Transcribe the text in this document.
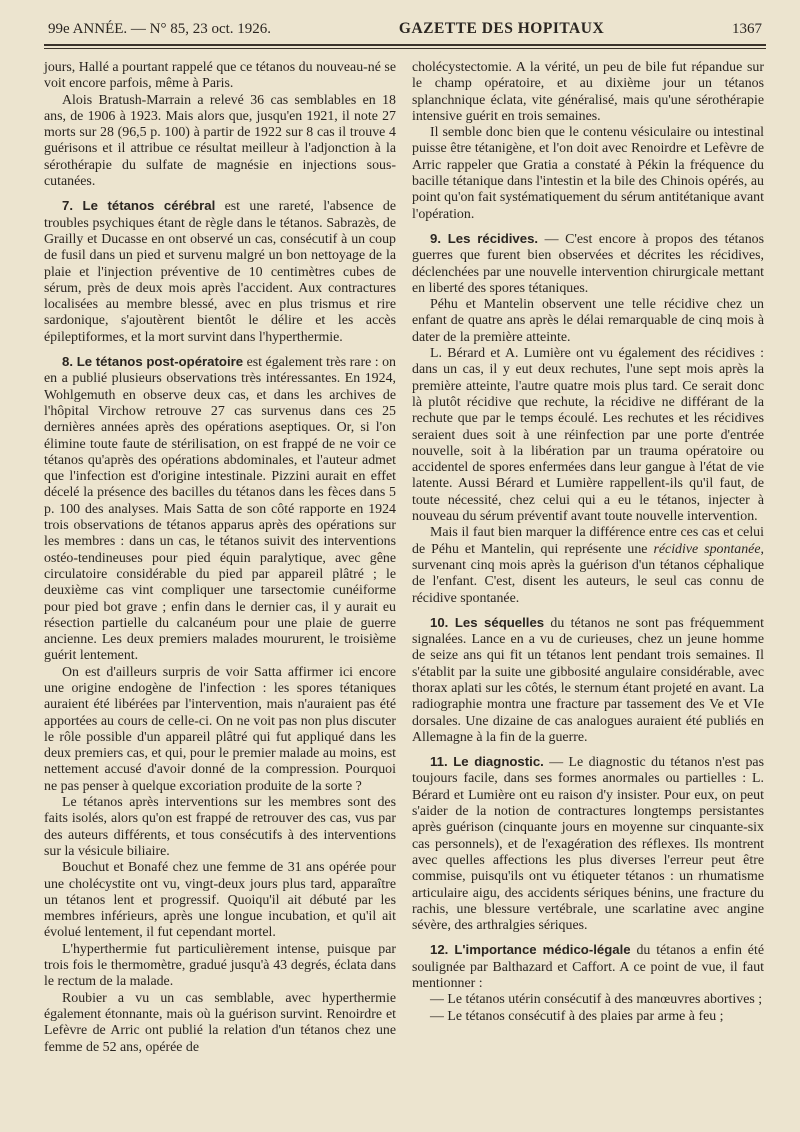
99e ANNÉE. — N° 85, 23 oct. 1926.	GAZETTE DES HOPITAUX	1367

jours, Hallé a pourtant rappelé que ce tétanos du nouveau-né se voit encore parfois, même à Paris.

Alois Bratush-Marrain a relevé 36 cas semblables en 18 ans, de 1906 à 1923. Mais alors que, jusqu'en 1921, il note 27 morts sur 28 (96,5 p. 100) à partir de 1922 sur 8 cas il trouve 4 guérisons et il attribue ce résultat meilleur à l'adjonction à la sérothérapie du sulfate de magnésie en injections sous-cutanées.

7. Le tétanos cérébral est une rareté, l'absence de troubles psychiques étant de règle dans le tétanos. Sabrazès, de Grailly et Ducasse en ont observé un cas, consécutif à un coup de fusil dans un pied et survenu malgré un bon nettoyage de la plaie et l'injection préventive de 10 centimètres cubes de sérum, près de deux mois après l'accident. Aux contractures localisées au membre blessé, avec en plus trismus et rire sardonique, s'ajoutèrent bientôt le délire et les accès épileptiformes, et la mort survint dans l'hyperthermie.

8. Le tétanos post-opératoire est également très rare : on en a publié plusieurs observations très intéressantes. En 1924, Wohlgemuth en observe deux cas, et dans les archives de l'hôpital Virchow retrouve 27 cas survenus dans ces 25 dernières années après des opérations aseptiques. Or, si l'on élimine toute faute de stérilisation, on est frappé de ne voir ce tétanos qu'après des opérations abdominales, et l'auteur admet que l'infection est d'origine intestinale. Pizzini aurait en effet décelé la présence des bacilles du tétanos dans les fèces dans 5 p. 100 des analyses. Mais Satta de son côté rapporte en 1924 trois observations de tétanos apparus après des opérations sur les membres : dans un cas, le tétanos suivit des interventions ostéo-tendineuses pour pied équin paralytique, avec gêne circulatoire considérable du pied par appareil plâtré ; le deuxième cas vint compliquer une tarsectomie cunéiforme pour pied bot grave ; enfin dans le dernier cas, il y aurait eu résection partielle du calcanéum pour une plaie de guerre ancienne. Les deux premiers malades moururent, le troisième guérit lentement.

On est d'ailleurs surpris de voir Satta affirmer ici encore une origine endogène de l'infection : les spores tétaniques auraient été libérées par l'intervention, mais n'auraient pas été apportées au cours de celle-ci. On ne voit pas non plus discuter le rôle possible d'un appareil plâtré qui fut appliqué dans les deux premiers cas, et qui, pour le premier malade au moins, est nettement accusé d'avoir donné de la compression. Pourquoi ne pas penser à quelque excoriation produite de la sorte ?

Le tétanos après interventions sur les membres sont des faits isolés, alors qu'on est frappé de retrouver des cas, vus par des auteurs différents, et tous consécutifs à des interventions sur la vésicule biliaire.

Bouchut et Bonafé chez une femme de 31 ans opérée pour une cholécystite ont vu, vingt-deux jours plus tard, apparaître un tétanos lent et progressif. Quoiqu'il ait débuté par les membres inférieurs, après une longue incubation, et qu'il ait évolué lentement, il fut cependant mortel.

L'hyperthermie fut particulièrement intense, puisque par trois fois le thermomètre, gradué jusqu'à 43 degrés, éclata dans le rectum de la malade.

Roubier a vu un cas semblable, avec hyperthermie également étonnante, mais où la guérison survint. Renoirdre et Lefèvre de Arric ont publié la relation d'un tétanos chez une femme de 52 ans, opérée de

cholécystectomie. A la vérité, un peu de bile fut répandue sur le champ opératoire, et au dixième jour un tétanos splanchnique éclata, vite généralisé, mais qu'une sérothérapie intensive guérit en trois semaines.

Il semble donc bien que le contenu vésiculaire ou intestinal puisse être tétanigène, et l'on doit avec Renoirdre et Lefèvre de Arric rappeler que Gratia a constaté à Pékin la fréquence du bacille tétanique dans l'intestin et la bile des Chinois opérés, au point qu'on fait systématiquement du sérum antitétanique avant l'opération.

9. Les récidives. — C'est encore à propos des tétanos guerres que furent bien observées et décrites les récidives, déclenchées par une nouvelle intervention chirurgicale mettant en liberté des spores tétaniques.

Péhu et Mantelin observent une telle récidive chez un enfant de quatre ans après le délai remarquable de cinq mois à dater de la première atteinte.

L. Bérard et A. Lumière ont vu également des récidives : dans un cas, il y eut deux rechutes, l'une sept mois après la première atteinte, l'autre quatre mois plus tard. Ce serait donc là plutôt récidive que rechute, la récidive ne différant de la rechute que par le temps écoulé. Les rechutes et les récidives seraient dues soit à une réinfection par une porte d'entrée nouvelle, soit à la libération par un trauma opératoire ou accidentel de spores enfermées dans leur gangue à l'état de vie latente. Aussi Bérard et Lumière rappellent-ils qu'il faut, de toute nécessité, chez celui qui a eu le tétanos, injecter à nouveau du sérum préventif avant toute nouvelle intervention.

Mais il faut bien marquer la différence entre ces cas et celui de Péhu et Mantelin, qui représente une récidive spontanée, survenant cinq mois après la guérison d'un tétanos céphalique de l'enfant. C'est, disent les auteurs, le seul cas connu de récidive spontanée.

10. Les séquelles du tétanos ne sont pas fréquemment signalées. Lance en a vu de curieuses, chez un jeune homme de seize ans qui fit un tétanos lent pendant trois semaines. Il s'établit par la suite une gibbosité angulaire considérable, avec thorax aplati sur les côtés, le sternum étant projeté en avant. La radiographie montra une fracture par tassement des Ve et VIe dorsales. Une dizaine de cas analogues auraient été publiés en Allemagne à la fin de la guerre.

11. Le diagnostic. — Le diagnostic du tétanos n'est pas toujours facile, dans ses formes anormales ou partielles : L. Bérard et Lumière ont eu raison d'y insister. Pour eux, on peut s'aider de la notion de contractures longtemps persistantes après guérison (cinquante jours en moyenne sur cinquante-six cas personnels), et de l'exagération des réflexes. Ils montrent avec quelles affections les plus diverses l'erreur peut être commise, puisqu'ils ont vu étiqueter tétanos : un rhumatisme articulaire aigu, des accidents sériques bénins, une fracture du rachis, une blessure vertébrale, une scarlatine avec angine sévère, des arthralgies sériques.

12. L'importance médico-légale du tétanos a enfin été soulignée par Balthazard et Caffort. A ce point de vue, il faut mentionner :

— Le tétanos utérin consécutif à des manœuvres abortives ;

— Le tétanos consécutif à des plaies par arme à feu ;
